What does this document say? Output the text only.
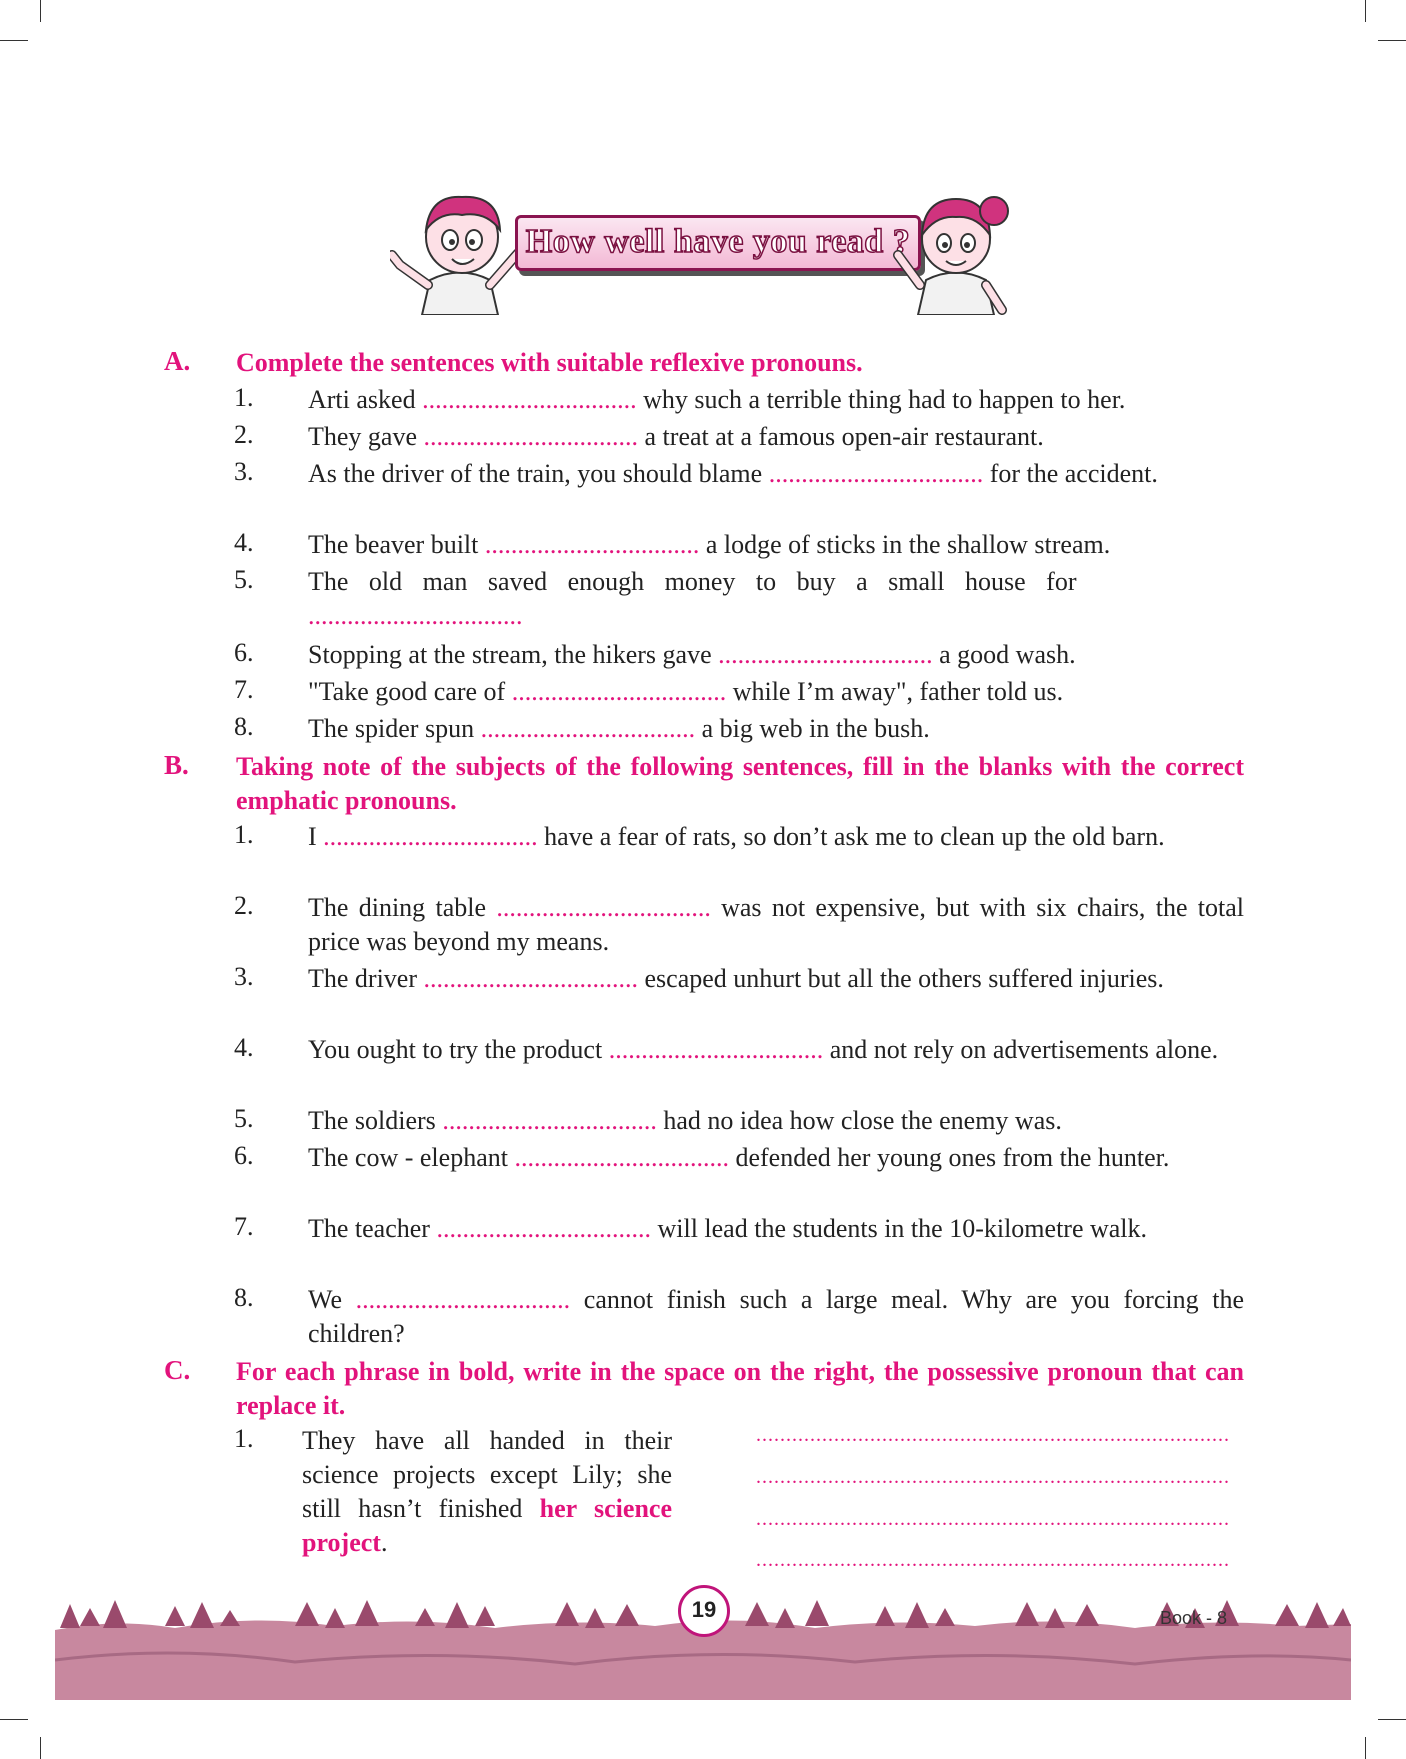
How well have you read ?
A. Complete the sentences with suitable reflexive pronouns.
1. Arti asked ................................. why such a terrible thing had to happen to her.
2. They gave ................................. a treat at a famous open-air restaurant.
3. As the driver of the train, you should blame ................................. for the accident.
4. The beaver built ................................. a lodge of sticks in the shallow stream.
5. The old man saved enough money to buy a small house for
.................................
6. Stopping at the stream, the hikers gave ................................. a good wash.
7. "Take good care of ................................. while I’m away", father told us.
8. The spider spun ................................. a big web in the bush.
B. Taking note of the subjects of the following sentences, fill in the blanks with the correct emphatic pronouns.
1. I ................................. have a fear of rats, so don’t ask me to clean up the old barn.
2. The dining table ................................. was not expensive, but with six chairs, the total price was beyond my means.
3. The driver ................................. escaped unhurt but all the others suffered injuries.
4. You ought to try the product ................................. and not rely on advertisements alone.
5. The soldiers ................................. had no idea how close the enemy was.
6. The cow - elephant ................................. defended her young ones from the hunter.
7. The teacher ................................. will lead the students in the 10-kilometre walk.
8. We ................................. cannot finish such a large meal. Why are you forcing the children?
C. For each phrase in bold, write in the space on the right, the possessive pronoun that can replace it.
1. They have all handed in their science projects except Lily; she still hasn’t finished her science project.
...............................................................................
...............................................................................
...............................................................................
...............................................................................
19	Book - 8
